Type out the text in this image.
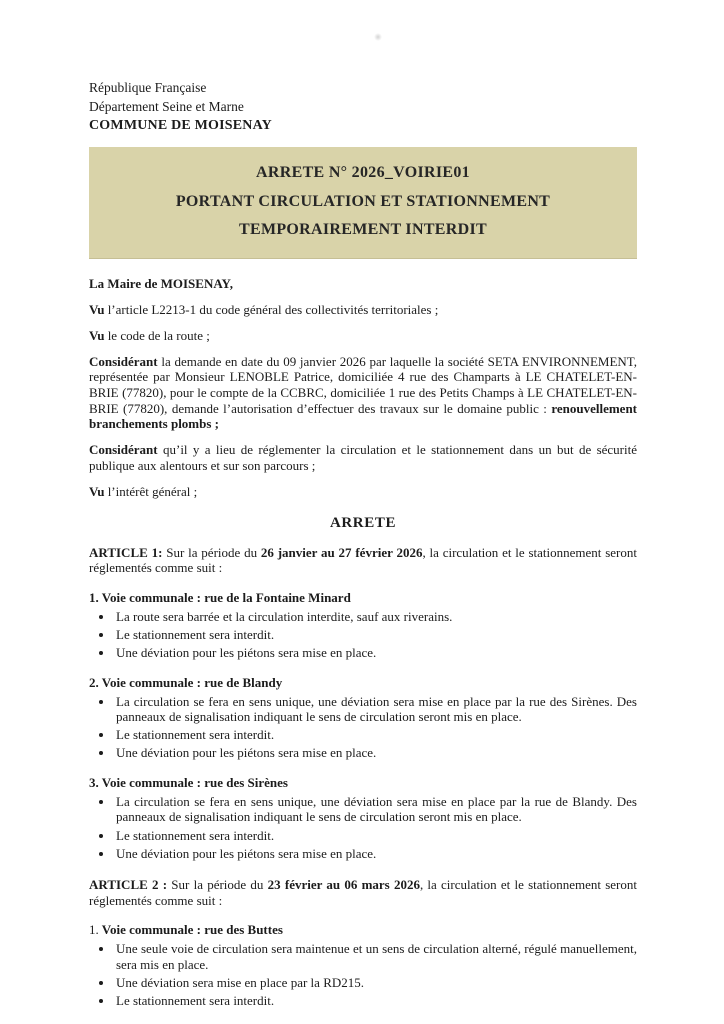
République Française
Département Seine et Marne
COMMUNE DE MOISENAY
ARRETE N° 2026_VOIRIE01
PORTANT CIRCULATION ET STATIONNEMENT TEMPORAIREMENT INTERDIT

La Maire de MOISENAY,

Vu l’article L2213-1 du code général des collectivités territoriales ;

Vu le code de la route ;

Considérant la demande en date du 09 janvier 2026 par laquelle la société SETA ENVIRONNEMENT, représentée par Monsieur LENOBLE Patrice, domiciliée 4 rue des Champarts à LE CHATELET-EN-BRIE (77820), pour le compte de la CCBRC, domiciliée 1 rue des Petits Champs à LE CHATELET-EN-BRIE (77820), demande l’autorisation d’effectuer des travaux sur le domaine public : renouvellement branchements plombs ;

Considérant qu’il y a lieu de réglementer la circulation et le stationnement dans un but de sécurité publique aux alentours et sur son parcours ;

Vu l’intérêt général ;

ARRETE

ARTICLE 1: Sur la période du 26 janvier au 27 février 2026, la circulation et le stationnement seront réglementés comme suit :

1. Voie communale : rue de la Fontaine Minard
• La route sera barrée et la circulation interdite, sauf aux riverains.
• Le stationnement sera interdit.
• Une déviation pour les piétons sera mise en place.
2. Voie communale : rue de Blandy
• La circulation se fera en sens unique, une déviation sera mise en place par la rue des Sirènes. Des panneaux de signalisation indiquant le sens de circulation seront mis en place.
• Le stationnement sera interdit.
• Une déviation pour les piétons sera mise en place.
3. Voie communale : rue des Sirènes
• La circulation se fera en sens unique, une déviation sera mise en place par la rue de Blandy. Des panneaux de signalisation indiquant le sens de circulation seront mis en place.
• Le stationnement sera interdit.
• Une déviation pour les piétons sera mise en place.

ARTICLE 2 : Sur la période du 23 février au 06 mars 2026, la circulation et le stationnement seront réglementés comme suit :

1. Voie communale : rue des Buttes
• Une seule voie de circulation sera maintenue et un sens de circulation alterné, régulé manuellement, sera mis en place.
• Une déviation sera mise en place par la RD215.
• Le stationnement sera interdit.
